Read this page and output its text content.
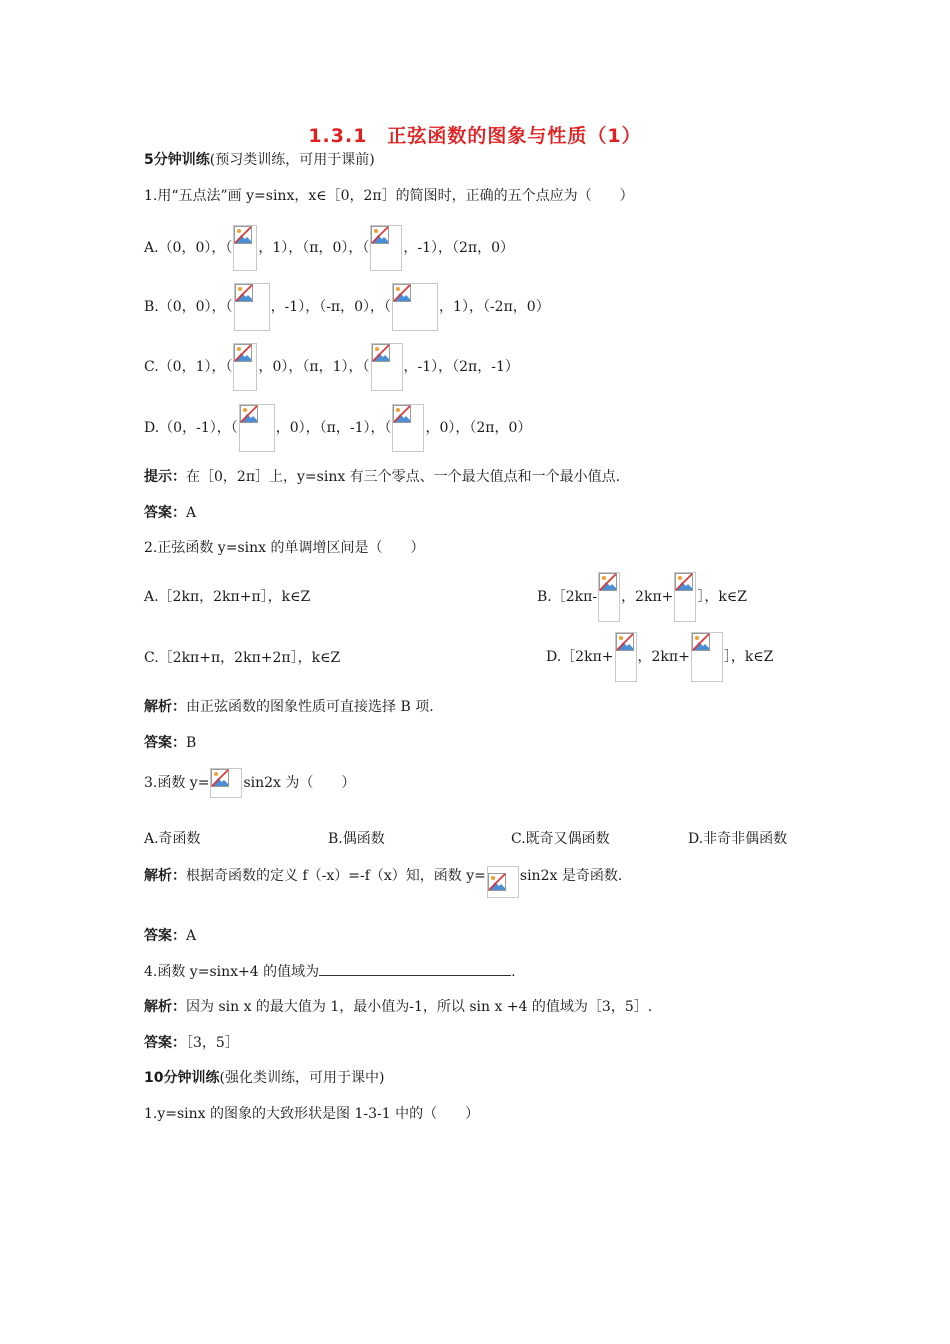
1.3.1　正弦函数的图象与性质（1）
5分钟训练(预习类训练，可用于课前)
1.用“五点法”画 y=sinx，x∈［0，2π］的简图时，正确的五个点应为（　　）
A.（0，0），（ ，1），（π，0），（ ，-1），（2π，0）
B.（0，0），（	，-1），（-π，0），（	，1），（-2π，0）
C.（0，1），（ ，0），（π，1），（ ，-1），（2π，-1）
D.（0，-1），（	，0），（π，-1），（ ，0），（2π，0）
提示：在［0，2π］上，y=sinx 有三个零点、一个最大值点和一个最小值点.
答案：A
2.正弦函数 y=sinx 的单调增区间是（　　）
A.［2kπ，2kπ+π］，k∈Z	B.［2kπ- ，2kπ+ ］，k∈Z
C.［2kπ+π，2kπ+2π］，k∈Z	D.［2kπ+ ，2kπ+ ］，k∈Z
解析：由正弦函数的图象性质可直接选择 B 项.
答案：B
3.函数 y= sin2x 为（　　）
A.奇函数	B.偶函数	C.既奇又偶函数	D.非奇非偶函数
解析：根据奇函数的定义 f（-x）=-f（x）知，函数 y= sin2x 是奇函数.
答案：A
4.函数 y=sinx+4 的值域为	.
解析：因为 sin x 的最大值为 1，最小值为-1，所以 sin x +4 的值域为［3，5］.
答案：［3，5］
10分钟训练(强化类训练，可用于课中)
1.y=sinx 的图象的大致形状是图 1-3-1 中的（　　）
